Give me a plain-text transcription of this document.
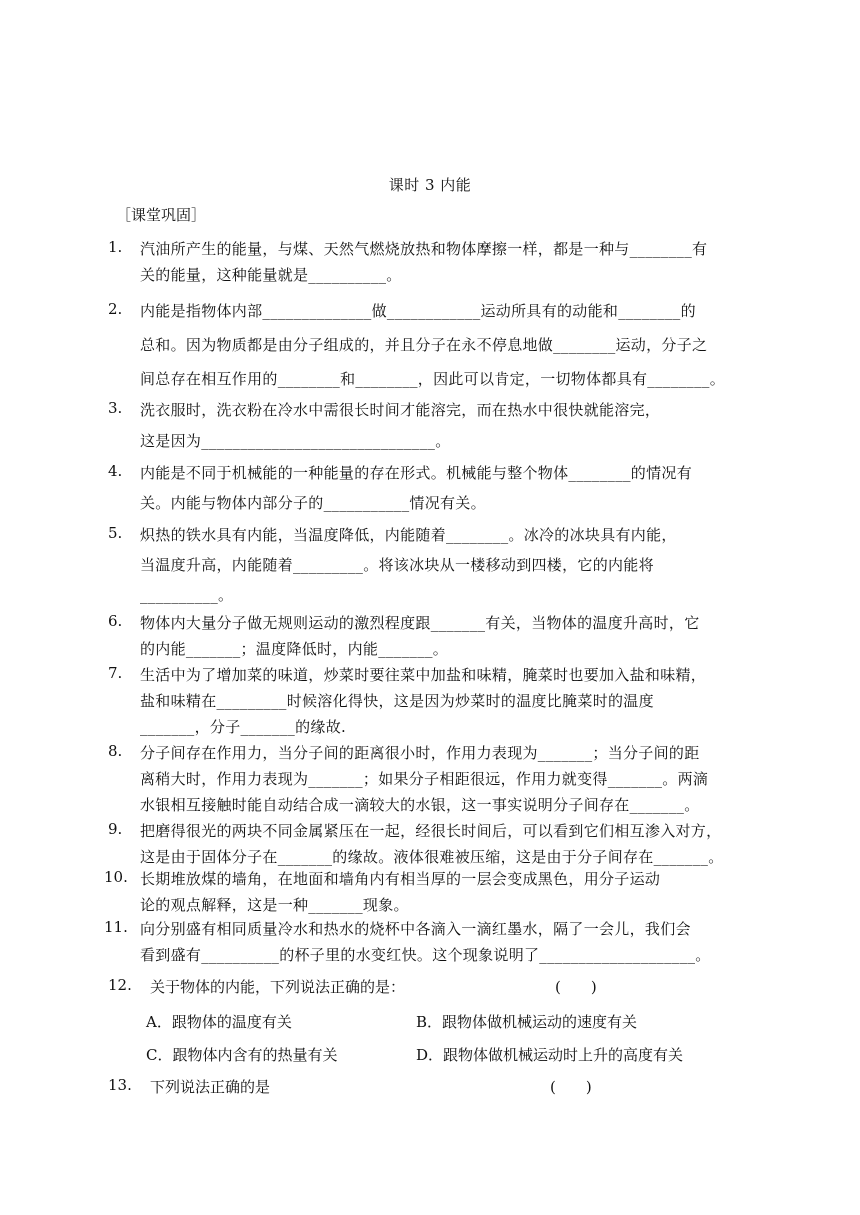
课时 3 内能
［课堂巩固］
1. 汽油所产生的能量，与煤、天然气燃烧放热和物体摩擦一样，都是一种与________有
关的能量，这种能量就是__________。
2. 内能是指物体内部______________做____________运动所具有的动能和________的
总和。因为物质都是由分子组成的，并且分子在永不停息地做________运动，分子之
间总存在相互作用的________和________，因此可以肯定，一切物体都具有________。
3. 洗衣服时，洗衣粉在冷水中需很长时间才能溶完，而在热水中很快就能溶完，
这是因为______________________________。
4. 内能是不同于机械能的一种能量的存在形式。机械能与整个物体________的情况有
关。内能与物体内部分子的___________情况有关。
5. 炽热的铁水具有内能，当温度降低，内能随着________。冰冷的冰块具有内能，
当温度升高，内能随着_________。将该冰块从一楼移动到四楼，它的内能将
__________。
6. 物体内大量分子做无规则运动的激烈程度跟_______有关，当物体的温度升高时，它
的内能_______；温度降低时，内能_______。
7. 生活中为了增加菜的味道，炒菜时要往菜中加盐和味精，腌菜时也要加入盐和味精，
盐和味精在_________时候溶化得快，这是因为炒菜时的温度比腌菜时的温度
_______，分子_______的缘故.
8. 分子间存在作用力，当分子间的距离很小时，作用力表现为_______；当分子间的距
离稍大时，作用力表现为_______；如果分子相距很远，作用力就变得_______。两滴
水银相互接触时能自动结合成一滴较大的水银，这一事实说明分子间存在_______。
9. 把磨得很光的两块不同金属紧压在一起，经很长时间后，可以看到它们相互渗入对方，
这是由于固体分子在_______的缘故。液体很难被压缩，这是由于分子间存在_______。
10. 长期堆放煤的墙角，在地面和墙角内有相当厚的一层会变成黑色，用分子运动
论的观点解释，这是一种_______现象。
11. 向分别盛有相同质量冷水和热水的烧杯中各滴入一滴红墨水，隔了一会儿，我们会
看到盛有__________的杯子里的水变红快。这个现象说明了____________________。
12. 关于物体的内能，下列说法正确的是：	(　　)
A．跟物体的温度有关	B．跟物体做机械运动的速度有关
C．跟物体内含有的热量有关	D．跟物体做机械运动时上升的高度有关
13. 下列说法正确的是	(　　)
